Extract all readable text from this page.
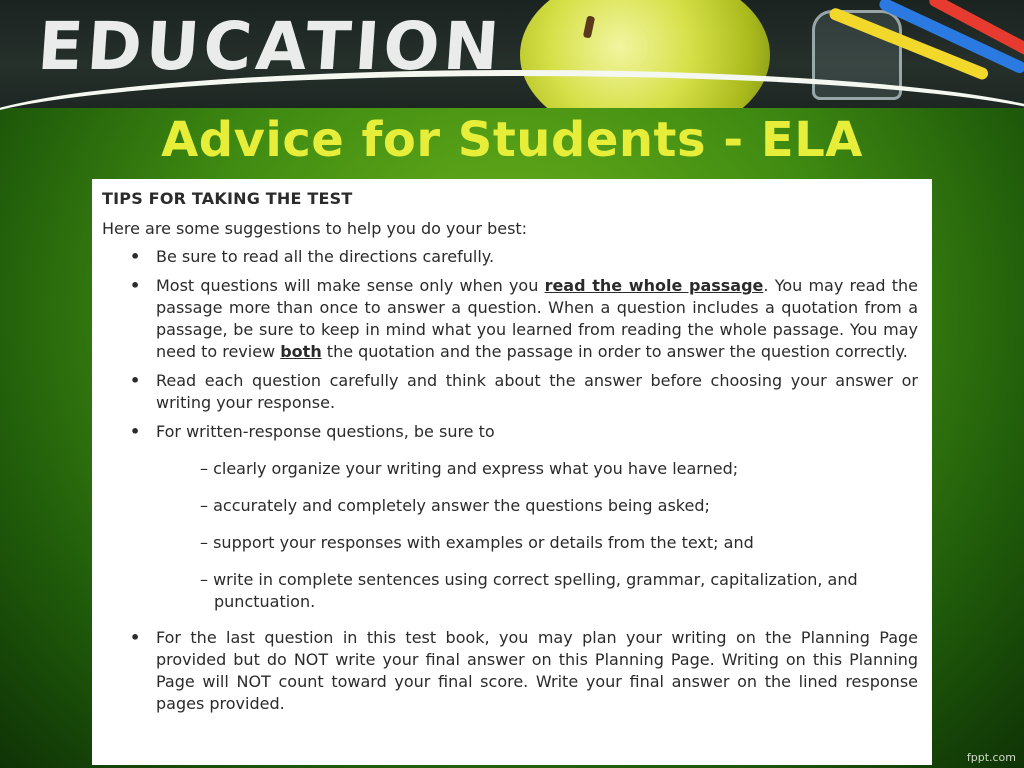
EDUCATION
Advice for Students - ELA
TIPS FOR TAKING THE TEST
Here are some suggestions to help you do your best:
• Be sure to read all the directions carefully.
• Most questions will make sense only when you read the whole passage. You may read the passage more than once to answer a question. When a question includes a quotation from a passage, be sure to keep in mind what you learned from reading the whole passage. You may need to review both the quotation and the passage in order to answer the question correctly.
• Read each question carefully and think about the answer before choosing your answer or writing your response.
• For written-response questions, be sure to
– clearly organize your writing and express what you have learned;
– accurately and completely answer the questions being asked;
– support your responses with examples or details from the text; and
– write in complete sentences using correct spelling, grammar, capitalization, and punctuation.
• For the last question in this test book, you may plan your writing on the Planning Page provided but do NOT write your final answer on this Planning Page. Writing on this Planning Page will NOT count toward your final score. Write your final answer on the lined response pages provided.
fppt.com
